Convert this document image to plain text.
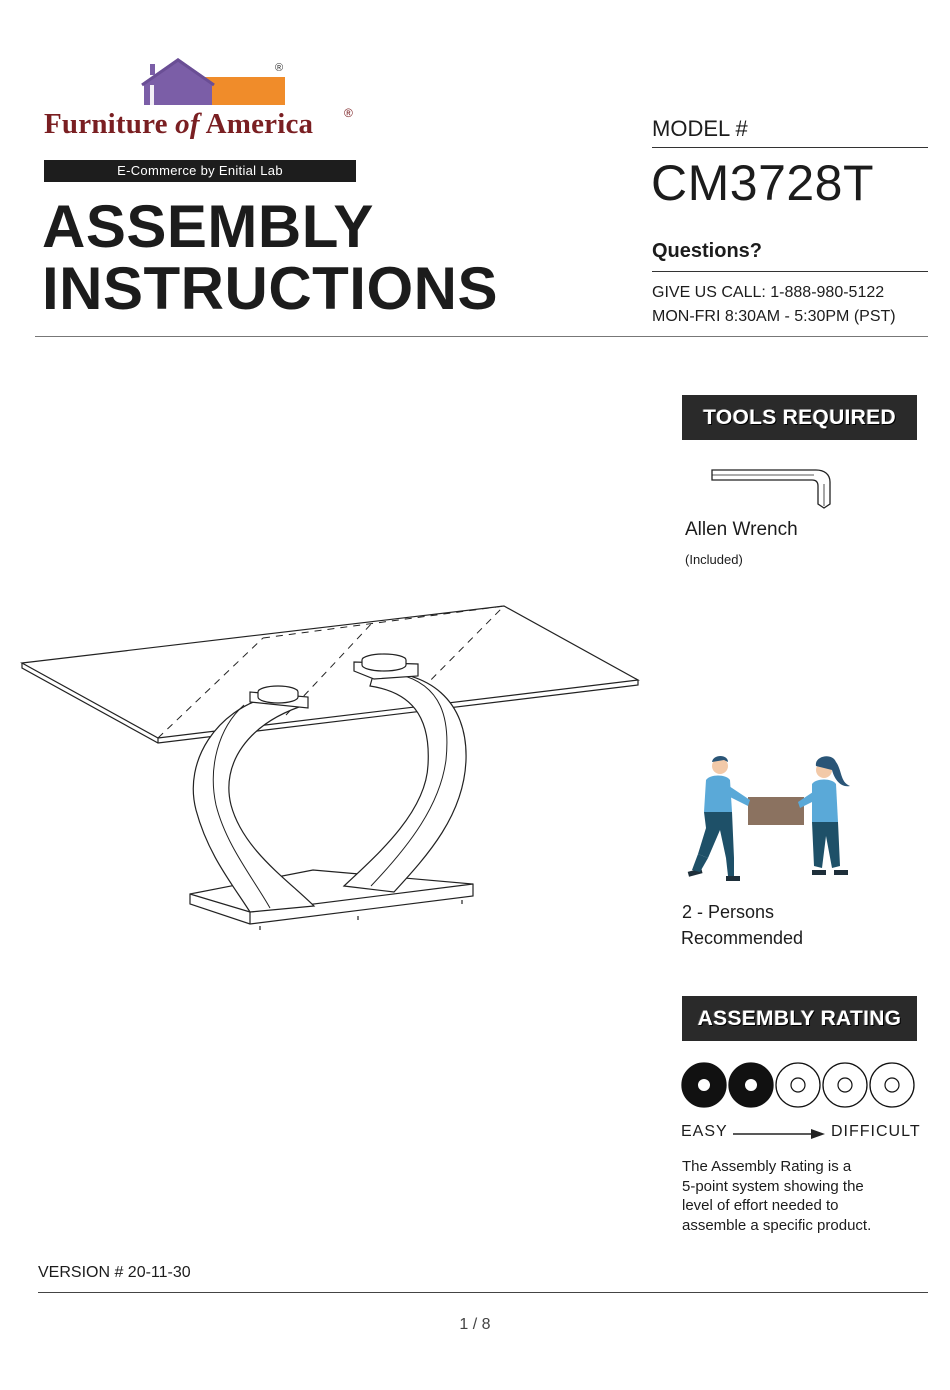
®
Furniture of America	®
E-Commerce by Enitial Lab
ASSEMBLY
INSTRUCTIONS
MODEL #
CM3728T
Questions?
GIVE US CALL: 1-888-980-5122
MON-FRI 8:30AM - 5:30PM (PST)
TOOLS REQUIRED
Allen Wrench
(Included)
2 - Persons
Recommended
ASSEMBLY RATING
EASY	DIFFICULT
The Assembly Rating is a
5-point system showing the
level of effort needed to
assemble a specific product.
VERSION # 20-11-30
1 / 8
